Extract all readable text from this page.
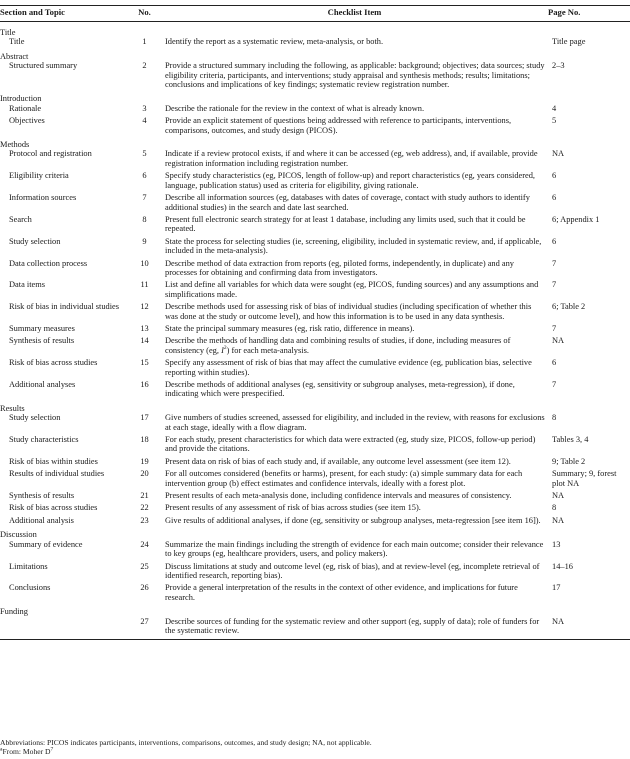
Section and Topic	No.	Checklist Item	Page No.
Title			
Title	1	Identify the report as a systematic review, meta-analysis, or both.	Title page
Abstract			
Structured summary	2	Provide a structured summary including the following, as applicable: background; objectives; data sources; study eligibility criteria, participants, and interventions; study appraisal and synthesis methods; results; limitations; conclusions and implications of key findings; systematic review registration number.	2–3
Introduction			
Rationale	3	Describe the rationale for the review in the context of what is already known.	4
Objectives	4	Provide an explicit statement of questions being addressed with reference to participants, interventions, comparisons, outcomes, and study design (PICOS).	5
Methods			
Protocol and registration	5	Indicate if a review protocol exists, if and where it can be accessed (eg, web address), and, if available, provide registration information including registration number.	NA
Eligibility criteria	6	Specify study characteristics (eg, PICOS, length of follow-up) and report characteristics (eg, years considered, language, publication status) used as criteria for eligibility, giving rationale.	6
Information sources	7	Describe all information sources (eg, databases with dates of coverage, contact with study authors to identify additional studies) in the search and date last searched.	6
Search	8	Present full electronic search strategy for at least 1 database, including any limits used, such that it could be repeated.	6; Appendix 1
Study selection	9	State the process for selecting studies (ie, screening, eligibility, included in systematic review, and, if applicable, included in the meta-analysis).	6
Data collection process	10	Describe method of data extraction from reports (eg, piloted forms, independently, in duplicate) and any processes for obtaining and confirming data from investigators.	7
Data items	11	List and define all variables for which data were sought (eg, PICOS, funding sources) and any assumptions and simplifications made.	7
Risk of bias in individual studies	12	Describe methods used for assessing risk of bias of individual studies (including specification of whether this was done at the study or outcome level), and how this information is to be used in any data synthesis.	6; Table 2
Summary measures	13	State the principal summary measures (eg, risk ratio, difference in means).	7
Synthesis of results	14	Describe the methods of handling data and combining results of studies, if done, including measures of consistency (eg, $I^2$) for each meta-analysis.	NA
Risk of bias across studies	15	Specify any assessment of risk of bias that may affect the cumulative evidence (eg, publication bias, selective reporting within studies).	6
Additional analyses	16	Describe methods of additional analyses (eg, sensitivity or subgroup analyses, meta-regression), if done, indicating which were prespecified.	7
Results			
Study selection	17	Give numbers of studies screened, assessed for eligibility, and included in the review, with reasons for exclusions at each stage, ideally with a flow diagram.	8
Study characteristics	18	For each study, present characteristics for which data were extracted (eg, study size, PICOS, follow-up period) and provide the citations.	Tables 3, 4
Risk of bias within studies	19	Present data on risk of bias of each study and, if available, any outcome level assessment (see item 12).	9; Table 2
Results of individual studies	20	For all outcomes considered (benefits or harms), present, for each study: (a) simple summary data for each intervention group (b) effect estimates and confidence intervals, ideally with a forest plot.	Summary; 9, forest plot NA
Synthesis of results	21	Present results of each meta-analysis done, including confidence intervals and measures of consistency.	NA
Risk of bias across studies	22	Present results of any assessment of risk of bias across studies (see item 15).	8
Additional analysis	23	Give results of additional analyses, if done (eg, sensitivity or subgroup analyses, meta-regression [see item 16]).	NA
Discussion			
Summary of evidence	24	Summarize the main findings including the strength of evidence for each main outcome; consider their relevance to key groups (eg, healthcare providers, users, and policy makers).	13
Limitations	25	Discuss limitations at study and outcome level (eg, risk of bias), and at review-level (eg, incomplete retrieval of identified research, reporting bias).	14–16
Conclusions	26	Provide a general interpretation of the results in the context of other evidence, and implications for future research.	17
Funding			
	27	Describe sources of funding for the systematic review and other support (eg, supply of data); role of funders for the systematic review.	NA

Abbreviations: PICOS indicates participants, interventions, comparisons, outcomes, and study design; NA, not applicable.

$^a$From: Moher $D^7$
